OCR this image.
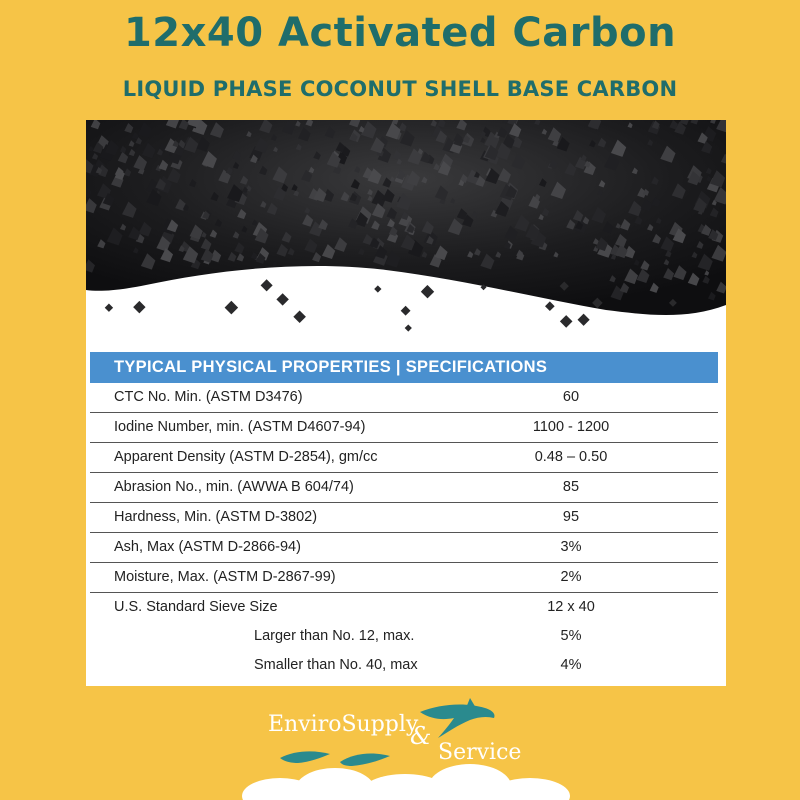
12x40 Activated Carbon
LIQUID PHASE COCONUT SHELL BASE CARBON
TYPICAL PHYSICAL PROPERTIES | SPECIFICATIONS
CTC No. Min. (ASTM D3476)	60
Iodine Number, min. (ASTM D4607-94)	1100 - 1200
Apparent Density (ASTM D-2854), gm/cc	0.48 – 0.50
Abrasion No., min. (AWWA B 604/74)	85
Hardness, Min. (ASTM D-3802)	95
Ash, Max (ASTM D-2866-94)	3%
Moisture, Max. (ASTM D-2867-99)	2%
U.S. Standard Sieve Size	12 x 40
Larger than No. 12, max.	5%
Smaller than No. 40, max	4%
EnviroSupply
&
Service
